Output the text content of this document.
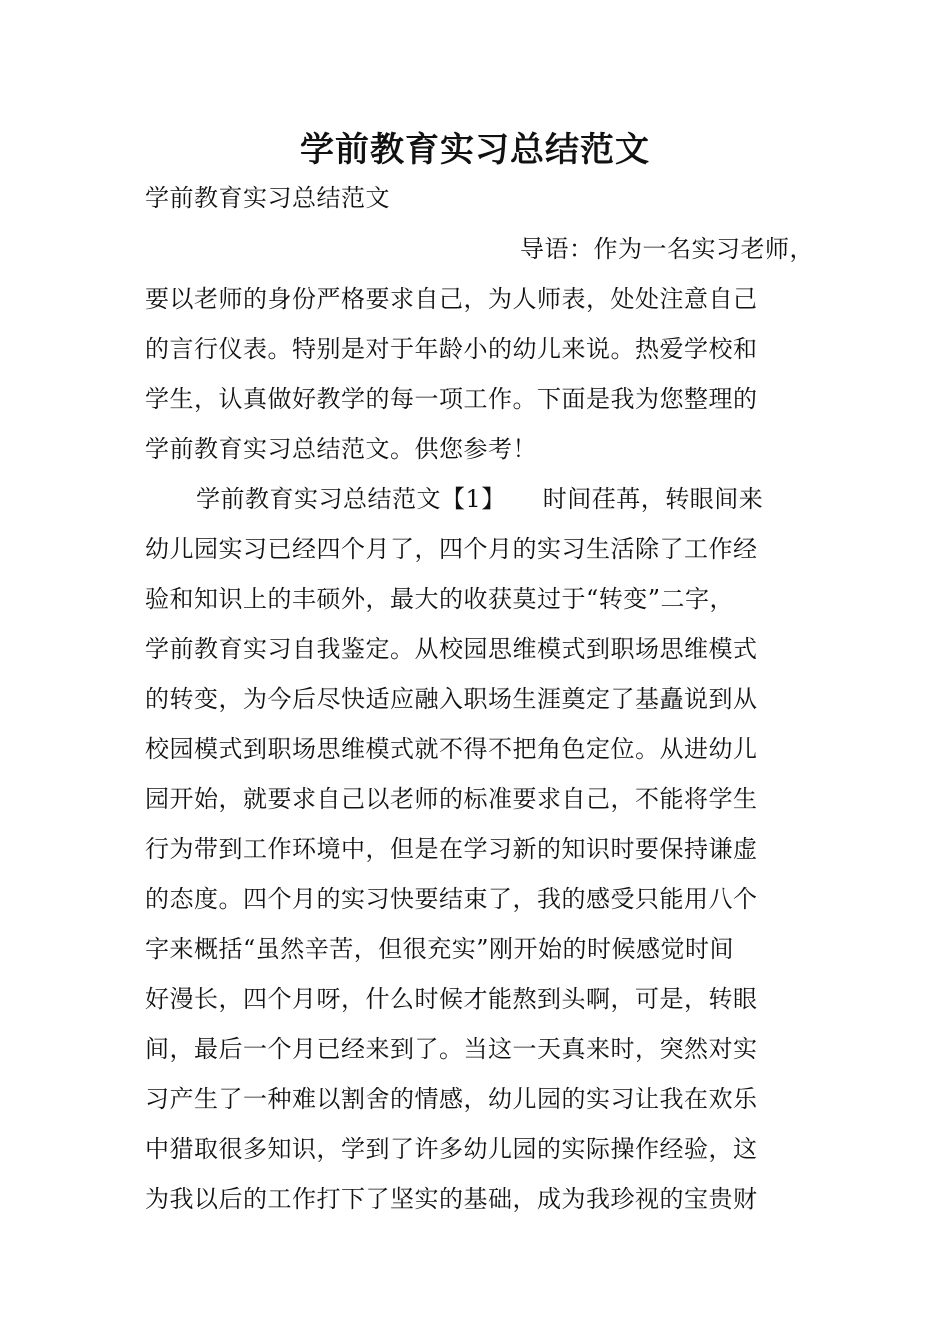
学前教育实习总结范文
学前教育实习总结范文
导语：作为一名实习老师，
要以老师的身份严格要求自己，为人师表，处处注意自己
的言行仪表。特别是对于年龄小的幼儿来说。热爱学校和
学生，认真做好教学的每一项工作。下面是我为您整理的
学前教育实习总结范文。供您参考！
学前教育实习总结范文【1】　　时间荏苒，转眼间来
幼儿园实习已经四个月了，四个月的实习生活除了工作经
验和知识上的丰硕外，最大的收获莫过于“转变”二字，
学前教育实习自我鉴定。从校园思维模式到职场思维模式
的转变，为今后尽快适应融入职场生涯奠定了基矗说到从
校园模式到职场思维模式就不得不把角色定位。从进幼儿
园开始，就要求自己以老师的标准要求自己，不能将学生
行为带到工作环境中，但是在学习新的知识时要保持谦虚
的态度。四个月的实习快要结束了，我的感受只能用八个
字来概括“虽然辛苦，但很充实”刚开始的时候感觉时间
好漫长，四个月呀，什么时候才能熬到头啊，可是，转眼
间，最后一个月已经来到了。当这一天真来时，突然对实
习产生了一种难以割舍的情感，幼儿园的实习让我在欢乐
中猎取很多知识，学到了许多幼儿园的实际操作经验，这
为我以后的工作打下了坚实的基础，成为我珍视的宝贵财
